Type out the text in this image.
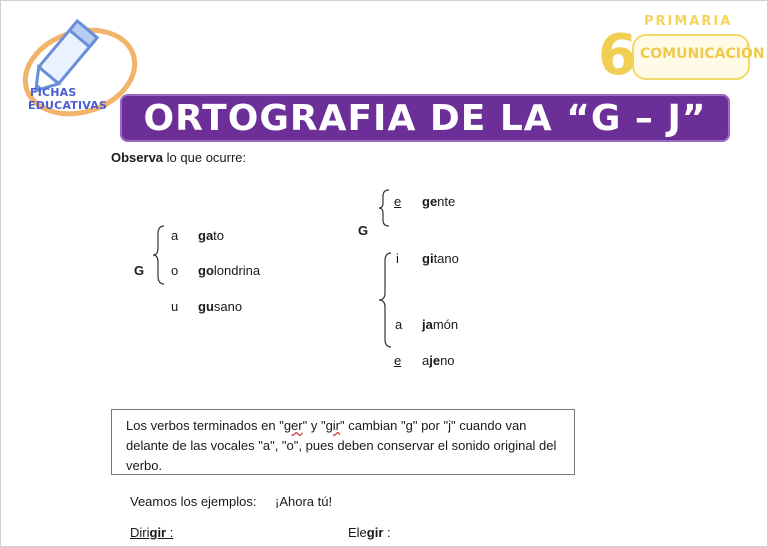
FICHAS
EDUCATIVAS
PRIMARIA
6 COMUNICACIÓN
ORTOGRAFIA DE LA “G – J”
Observa lo que ocurre:
G
a gato
o golondrina
u gusano
G
e gente
i gitano
a jamón
e ajeno

Los verbos terminados en "ger" y "gir" cambian "g" por "j" cuando van delante de las vocales "a", "o", pues deben conservar el sonido original del verbo.

Veamos los ejemplos: ¡Ahora tú!
Dirigir :	Elegir :
